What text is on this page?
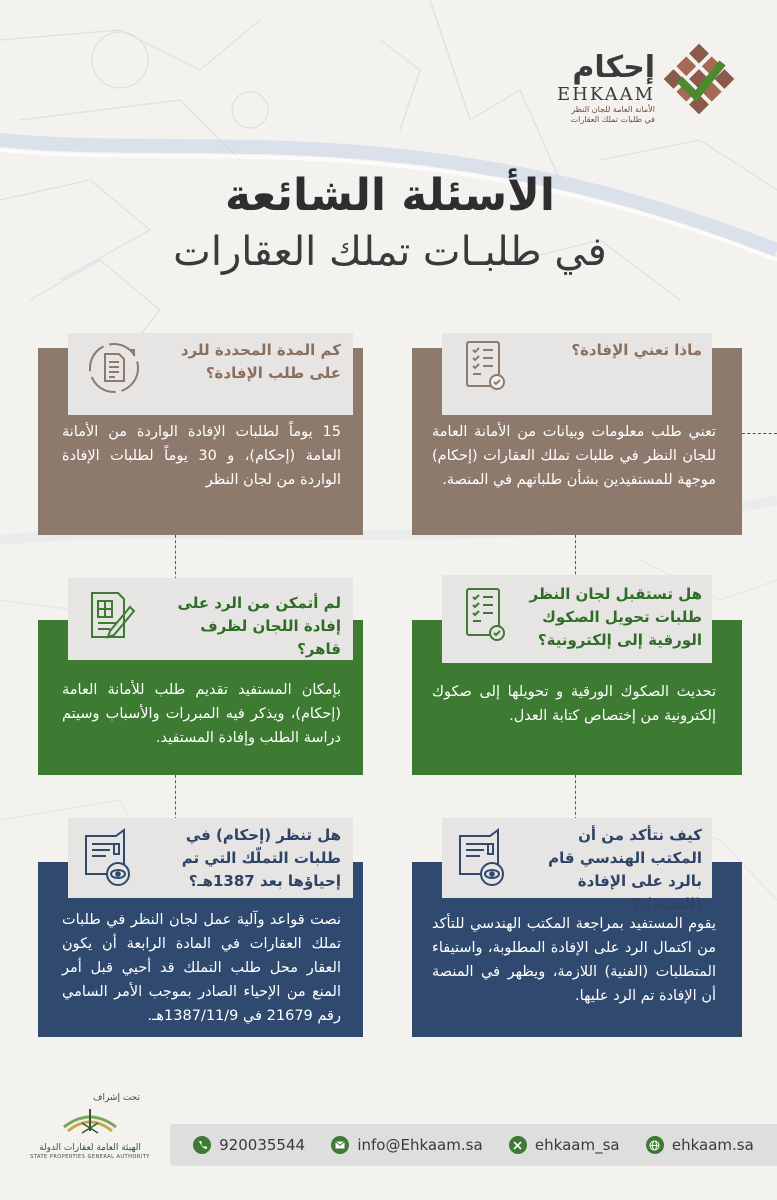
إحكام
EHKAAM
الأمانة العامة للجان النظر
في طلبات تملك العقارات
الأسئلة الشائعة
في طلبـات تملك العقارات
ماذا تعني الإفادة؟
تعني طلب معلومات وبيانات من الأمانة العامة للجان النظر في طلبات تملك العقارات (إحكام) موجهة للمستفيدين بشأن طلباتهم في المنصة.
كم المدة المحددة للرد على طلب الإفادة؟
15 يوماً لطلبات الإفادة الواردة من الأمانة العامة (إحكام)، و 30 يوماً لطلبات الإفادة الواردة من لجان النظر
هل تستقبل لجان النظر طلبات تحويل الصكوك الورقية إلى إلكترونية؟
تحديث الصكوك الورقية و تحويلها إلى صكوك إلكترونية من إختصاص كتابة العدل.
لم أتمكن من الرد على إفادة اللجان لظرف قاهر؟
بإمكان المستفيد تقديم طلب للأمانة العامة (إحكام)، ويذكر فيه المبررات والأسباب وسيتم دراسة الطلب وإفادة المستفيد.
كيف نتأكد من أن المكتب الهندسي قام بالرد على الإفادة (الفنية) ؟
يقوم المستفيد بمراجعة المكتب الهندسي للتأكد من اكتمال الرد على الإفادة المطلوبة، واستيفاء المتطلبات (الفنية) اللازمة، ويظهر في المنصة أن الإفادة تم الرد عليها.
هل تنظر (إحكام) في طلبات التملّك التي تم إحياؤها بعد 1387هـ؟
نصت قواعد وآلية عمل لجان النظر في طلبات تملك العقارات في المادة الرابعة أن يكون العقار محل طلب التملك قد أحيي قبل أمر المنع من الإحياء الصادر بموجب الأمر السامي رقم 21679 في 1387/11/9هـ.
تحت إشراف
الهيئة العامة لعقارات الدولة
STATE PROPERTIES GENERAL AUTHORITY
920035544	info@Ehkaam.sa	ehkaam_sa	ehkaam.sa
